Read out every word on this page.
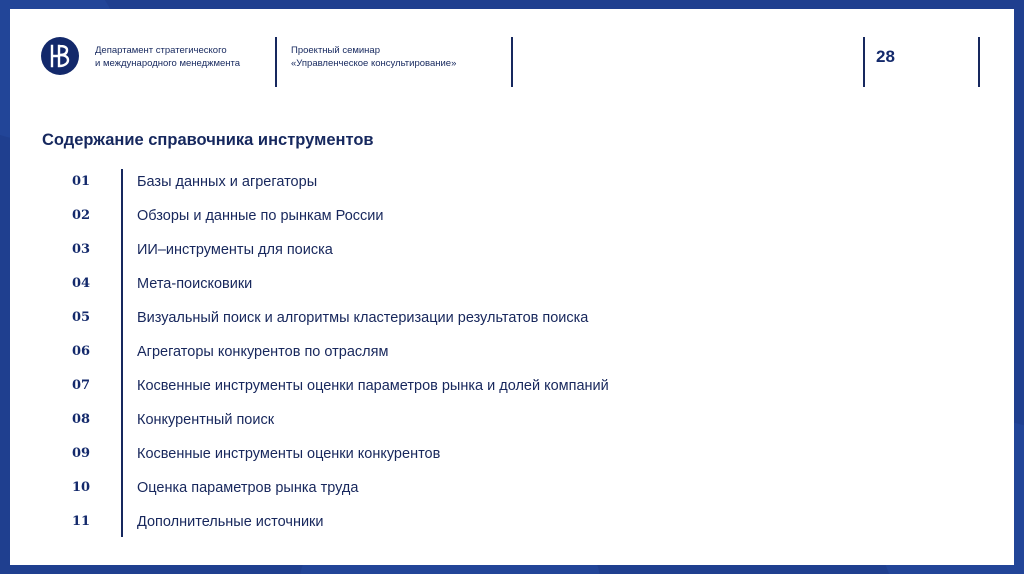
Департамент стратегического
и международного менеджмента
Проектный семинар
«Управленческое консультирование»	28
Содержание справочника инструментов
01	Базы данных и агрегаторы
02	Обзоры и данные по рынкам России
03	ИИ–инструменты для поиска
04	Мета-поисковики
05	Визуальный поиск и алгоритмы кластеризации результатов поиска
06	Агрегаторы конкурентов по отраслям
07	Косвенные инструменты оценки параметров рынка и долей компаний
08	Конкурентный поиск
09	Косвенные инструменты оценки конкурентов
10	Оценка параметров рынка труда
11	Дополнительные источники
